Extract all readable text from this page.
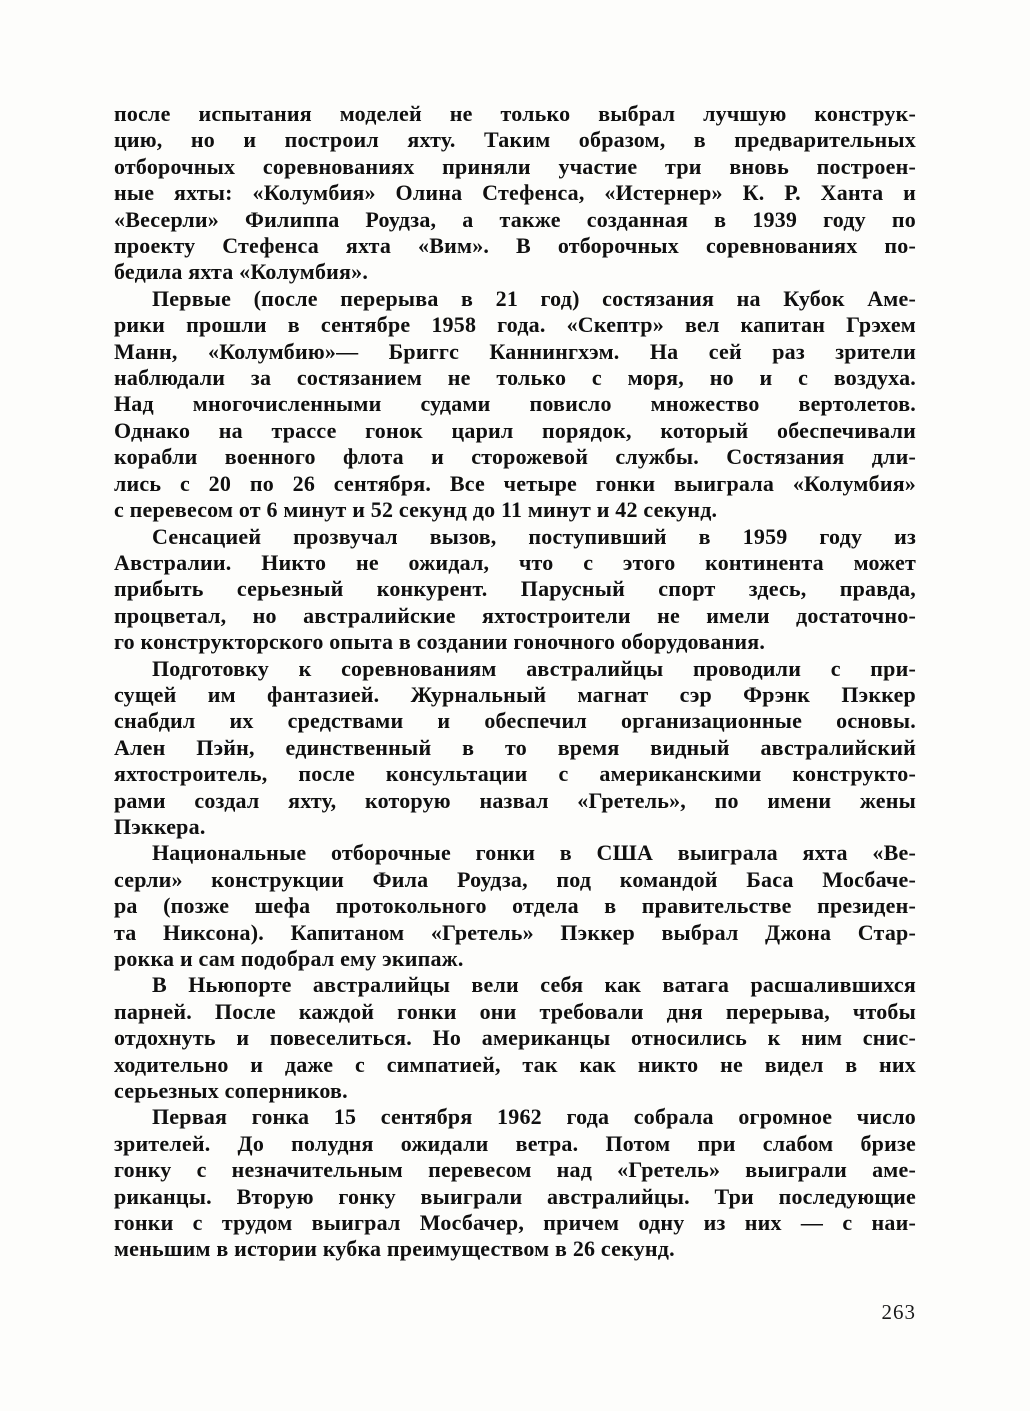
после испытания моделей не только выбрал лучшую конструк-
цию, но и построил яхту. Таким образом, в предварительных
отборочных соревнованиях приняли участие три вновь построен-
ные яхты: «Колумбия» Олина Стефенса, «Истернер» К. Р. Ханта и
«Весерли» Филиппа Роудза, а также созданная в 1939 году по
проекту Стефенса яхта «Вим». В отборочных соревнованиях по-
бедила яхта «Колумбия».
Первые (после перерыва в 21 год) состязания на Кубок Аме-
рики прошли в сентябре 1958 года. «Скептр» вел капитан Грэхем
Манн, «Колумбию»— Бриггс Каннингхэм. На сей раз зрители
наблюдали за состязанием не только с моря, но и с воздуха.
Над многочисленными судами повисло множество вертолетов.
Однако на трассе гонок царил порядок, который обеспечивали
корабли военного флота и сторожевой службы. Состязания дли-
лись с 20 по 26 сентября. Все четыре гонки выиграла «Колумбия»
с перевесом от 6 минут и 52 секунд до 11 минут и 42 секунд.
Сенсацией прозвучал вызов, поступивший в 1959 году из
Австралии. Никто не ожидал, что с этого континента может
прибыть серьезный конкурент. Парусный спорт здесь, правда,
процветал, но австралийские яхтостроители не имели достаточно-
го конструкторского опыта в создании гоночного оборудования.
Подготовку к соревнованиям австралийцы проводили с при-
сущей им фантазией. Журнальный магнат сэр Фрэнк Пэккер
снабдил их средствами и обеспечил организационные основы.
Ален Пэйн, единственный в то время видный австралийский
яхтостроитель, после консультации с американскими конструкто-
рами создал яхту, которую назвал «Гретель», по имени жены
Пэккера.
Национальные отборочные гонки в США выиграла яхта «Ве-
серли» конструкции Фила Роудза, под командой Баса Мосбаче-
ра (позже шефа протокольного отдела в правительстве президен-
та Никсона). Капитаном «Гретель» Пэккер выбрал Джона Стар-
рокка и сам подобрал ему экипаж.
В Ньюпорте австралийцы вели себя как ватага расшалившихся
парней. После каждой гонки они требовали дня перерыва, чтобы
отдохнуть и повеселиться. Но американцы относились к ним снис-
ходительно и даже с симпатией, так как никто не видел в них
серьезных соперников.
Первая гонка 15 сентября 1962 года собрала огромное число
зрителей. До полудня ожидали ветра. Потом при слабом бризе
гонку с незначительным перевесом над «Гретель» выиграли аме-
риканцы. Вторую гонку выиграли австралийцы. Три последующие
гонки с трудом выиграл Мосбачер, причем одну из них — с наи-
меньшим в истории кубка преимуществом в 26 секунд.
263
